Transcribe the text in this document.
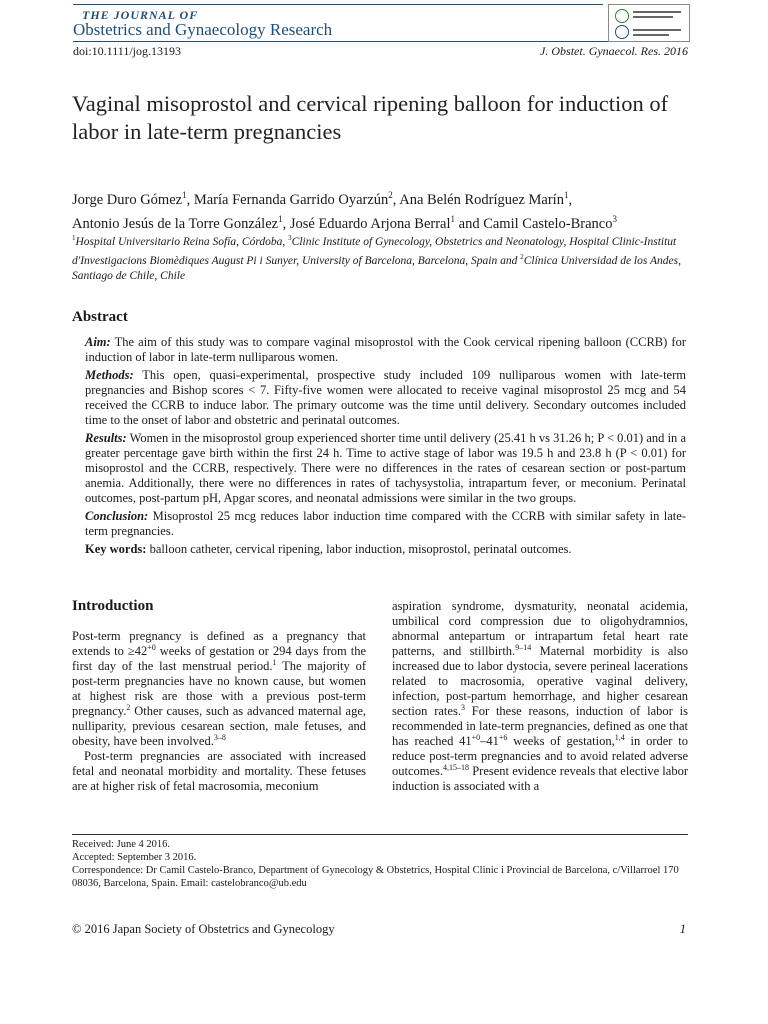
THE JOURNAL OF
Obstetrics and Gynaecology Research
doi:10.1111/jog.13193	J. Obstet. Gynaecol. Res. 2016
Vaginal misoprostol and cervical ripening balloon for induction of labor in late-term pregnancies
Jorge Duro Gómez$^1$, María Fernanda Garrido Oyarzún$^2$, Ana Belén Rodríguez Marín$^1$,
Antonio Jesús de la Torre González$^1$, José Eduardo Arjona Berral$^1$ and Camil Castelo-Branco$^3$
$^1$Hospital Universitario Reina Sofía, Córdoba, $^3$Clinic Institute of Gynecology, Obstetrics and Neonatology, Hospital Clinic-Institut d'Investigacions Biomèdiques August Pi i Sunyer, University of Barcelona, Barcelona, Spain and $^2$Clínica Universidad de los Andes, Santiago de Chile, Chile
Abstract

Aim: The aim of this study was to compare vaginal misoprostol with the Cook cervical ripening balloon (CCRB) for induction of labor in late-term nulliparous women.

Methods: This open, quasi-experimental, prospective study included 109 nulliparous women with late-term pregnancies and Bishop scores < 7. Fifty-five women were allocated to receive vaginal misoprostol 25 mcg and 54 received the CCRB to induce labor. The primary outcome was the time until delivery. Secondary outcomes included time to the onset of labor and obstetric and perinatal outcomes.

Results: Women in the misoprostol group experienced shorter time until delivery (25.41 h vs 31.26 h; P < 0.01) and in a greater percentage gave birth within the first 24 h. Time to active stage of labor was 19.5 h and 23.8 h (P < 0.01) for misoprostol and the CCRB, respectively. There were no differences in the rates of cesarean section or post-partum anemia. Additionally, there were no differences in rates of tachysystolia, intrapartum fever, or meconium. Perinatal outcomes, post-partum pH, Apgar scores, and neonatal admissions were similar in the two groups.

Conclusion: Misoprostol 25 mcg reduces labor induction time compared with the CCRB with similar safety in late-term pregnancies.

Key words: balloon catheter, cervical ripening, labor induction, misoprostol, perinatal outcomes.

Introduction

Post-term pregnancy is defined as a pregnancy that extends to $\ge 42^{+0}$ weeks of gestation or 294 days from the first day of the last menstrual period.$^1$ The majority of post-term pregnancies have no known cause, but women at highest risk are those with a previous post-term pregnancy.$^2$ Other causes, such as advanced maternal age, nulliparity, previous cesarean section, male fetuses, and obesity, have been involved.$^{3-8}$

Post-term pregnancies are associated with increased fetal and neonatal morbidity and mortality. These fetuses are at higher risk of fetal macrosomia, meconium

aspiration syndrome, dysmaturity, neonatal acidemia, umbilical cord compression due to oligohydramnios, abnormal antepartum or intrapartum fetal heart rate patterns, and stillbirth.$^{9-14}$ Maternal morbidity is also increased due to labor dystocia, severe perineal lacerations related to macrosomia, operative vaginal delivery, infection, post-partum hemorrhage, and higher cesarean section rates.$^3$ For these reasons, induction of labor is recommended in late-term pregnancies, defined as one that has reached $41^{+0}-41^{+6}$ weeks of gestation,$^{1,4}$ in order to reduce post-term pregnancies and to avoid related adverse outcomes.$^{4,15-18}$ Present evidence reveals that elective labor induction is associated with a

Received: June 4 2016.
Accepted: September 3 2016.
Correspondence: Dr Camil Castelo-Branco, Department of Gynecology & Obstetrics, Hospital Clinic i Provincial de Barcelona, c/Villarroel 170 08036, Barcelona, Spain. Email: castelobranco@ub.edu
© 2016 Japan Society of Obstetrics and Gynecology	1
